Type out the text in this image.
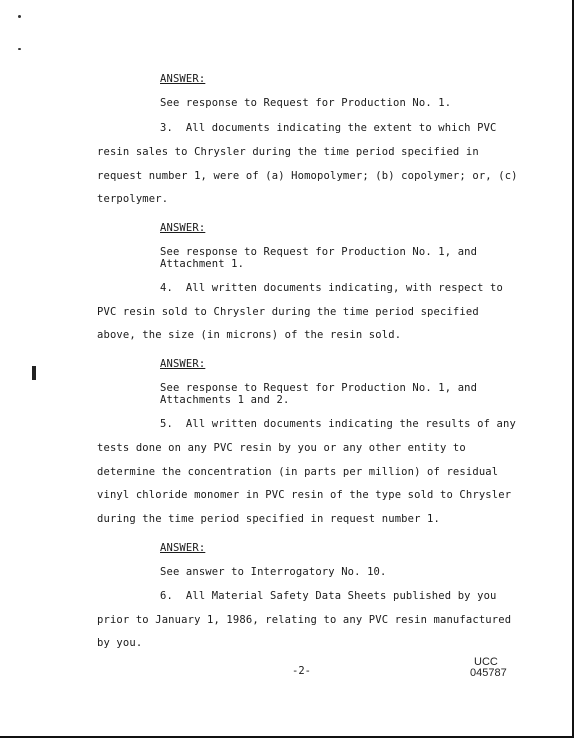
ANSWER:
See response to Request for Production No. 1.
3.  All documents indicating the extent to which PVC
resin sales to Chrysler during the time period specified in
request number 1, were of (a) Homopolymer; (b) copolymer; or, (c)
terpolymer.
ANSWER:
See response to Request for Production No. 1, and
Attachment 1.
4.  All written documents indicating, with respect to
PVC resin sold to Chrysler during the time period specified
above, the size (in microns) of the resin sold.
ANSWER:
See response to Request for Production No. 1, and
Attachments 1 and 2.
5.  All written documents indicating the results of any
tests done on any PVC resin by you or any other entity to
determine the concentration (in parts per million) of residual
vinyl chloride monomer in PVC resin of the type sold to Chrysler
during the time period specified in request number 1.
ANSWER:
See answer to Interrogatory No. 10.
6.  All Material Safety Data Sheets published by you
prior to January 1, 1986, relating to any PVC resin manufactured
by you.
-2-
UCC
045787
